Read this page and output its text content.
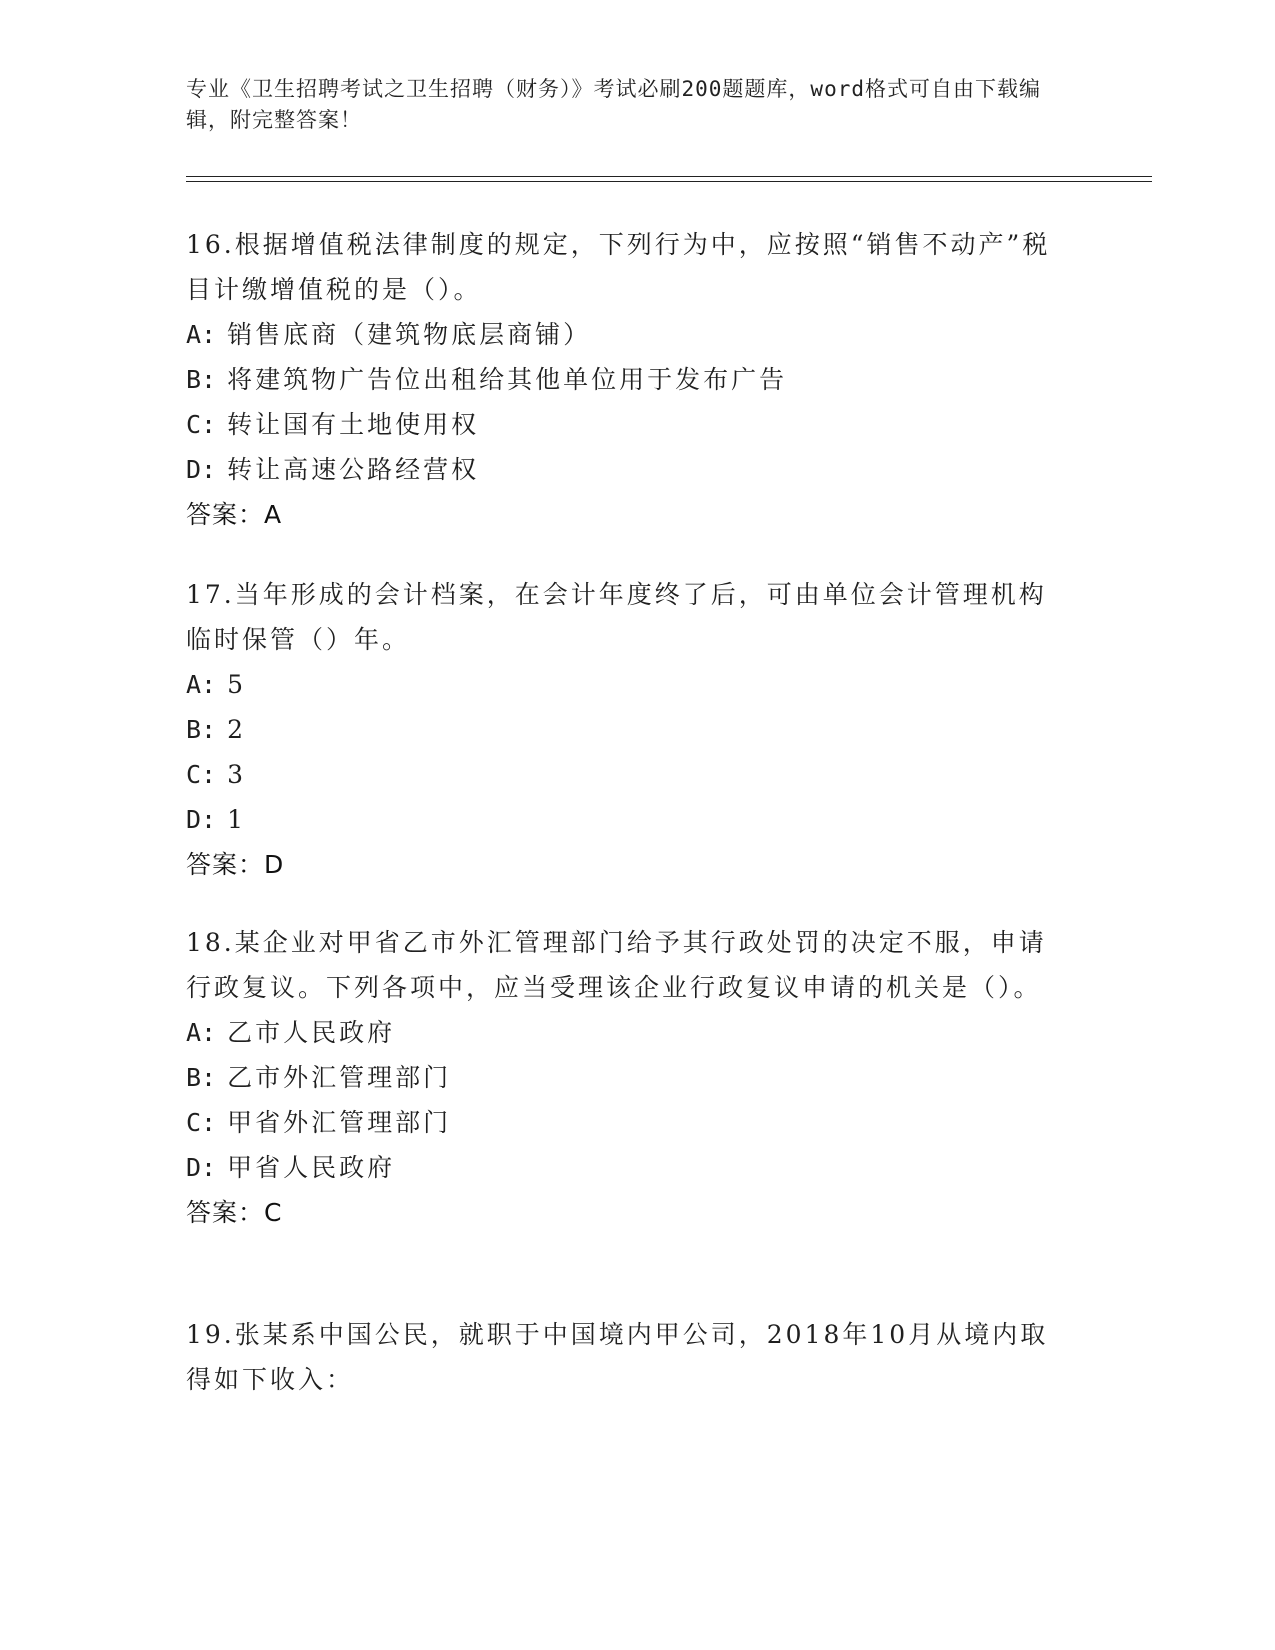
专业《卫生招聘考试之卫生招聘（财务）》考试必刷200题题库，word格式可自由下载编辑，附完整答案！

16.根据增值税法律制度的规定，下列行为中，应按照“销售不动产”税目计缴增值税的是（）。

A: 销售底商（建筑物底层商铺）

B: 将建筑物广告位出租给其他单位用于发布广告

C: 转让国有土地使用权

D: 转让高速公路经营权

答案：A

17.当年形成的会计档案，在会计年度终了后，可由单位会计管理机构临时保管（）年。

A: 5

B: 2

C: 3

D: 1

答案：D

18.某企业对甲省乙市外汇管理部门给予其行政处罚的决定不服，申请行政复议。下列各项中，应当受理该企业行政复议申请的机关是（）。

A: 乙市人民政府

B: 乙市外汇管理部门

C: 甲省外汇管理部门

D: 甲省人民政府

答案：C

19.张某系中国公民，就职于中国境内甲公司，2018年10月从境内取得如下收入：
